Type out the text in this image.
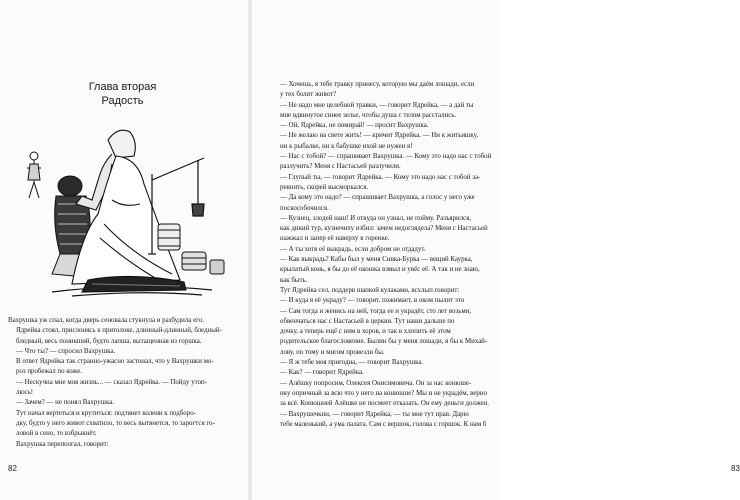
Глава вторая
Радость

Вахрушка уж спал, когда дверь сеновала стукнула и разбудила его.

Ядрейка стоял, прислонясь к притолоке, длинный-длинный, бледный-

бледный, весь поникший, будто лапша, вытащенная из горшка.

— Что ты? — спросил Вахрушка.

В ответ Ядрейка так странно-ужасно застонал, что у Вахрушки мо-

роз пробежал по коже.

— Нескучна мне моя жизнь... — сказал Ядрейка. — Пойду утоп-

люсь!

— Зачем? — не понял Вахрушка.

Тут начал вертеться и крутиться: подтянет колени к подборо-

дку, будто у него живот схватило, то весь вытянется, то зарогтся го-

ловой в сено, то взбрыкнёт.

Вахрушка переполгал, говорит:

82	83

— Хочешь, я тебе травку принесу, которую мы даём лошади, если

у тех болит живот?

— Не надо мне целебной травки, — говорит Ядрейка, — а дай ты

мне вдвинутое синее зелье, чтобы душа с телом расстались.

— Ой, Ядрейка, не помирай! — просит Вахрушка.

— Не желаю на свете жить! — кричит Ядрейка. — Ни к житьишку,

ни к рыбалке, ни к бабушке ихой не нужен я!

— Нас с тобой? — спрашивает Вахрушка. — Кому это надо нас с тобой

разлучить? Меня с Настасьей разлучили.

— Глупый ты, — говорит Ядрейка. — Кому это надо нас с тобой за-

ревнить, скорей высморкался.

— Да кому это надо? — спрашивает Вахрушка, а голос у него уже

поскособочился.

— Кузнец, злодей наш! И откуда он узнал, не пойму. Разъярился,

как дикий тур, кузнечиху избил: зачем недоглядела? Меня с Настасьей

нажжал и запер её наверху в горенке.

— А ты хотя её выкрадь, если добром не отдадут.

— Как выкрадь? Кабы был у меня Сивка-Бурка — вещий Каурка,

крылатый конь, я бы до её окошка взмыл и увёс её. А так и не знаю,

как быть.

Тут Ядрейка сел, поддерв шапкой кулаками, всхлып говорит:

— И куда я её украду? — говорит, пожимает, в оком пылит это

— Сам тогда и женись на ней, тогда ее и украдёт, сто лет возьми,

обвенчаться нас с Настасьей в церкви. Тут наши дальше по

дочку, а теперь ещё с ним в хоров, и так в хлопить её этом

родительское благословение. Былин бы у меня лошади, я бы к Михай-

лову, по тому и мигом провезли бы.

— Я ж тебе моя пригодна, — говорит Вахрушка.

— Как? — говорит Ядрейка.

— Алёшку попросим, Олексея Онисимовича. Он за нас конюше-

нку опричный за всю что у него на конюшне? Мы и не украдём, верно

за всё. Конюшней Алёшке не посмеет отказать. Он ему деньги должен.

— Вахрушечкин, — говорит Ядрейка, — ты мне тут прав. Дарю

тебе маленький, а ума палата. Сам с вершок, голова с горшок. К нам б
